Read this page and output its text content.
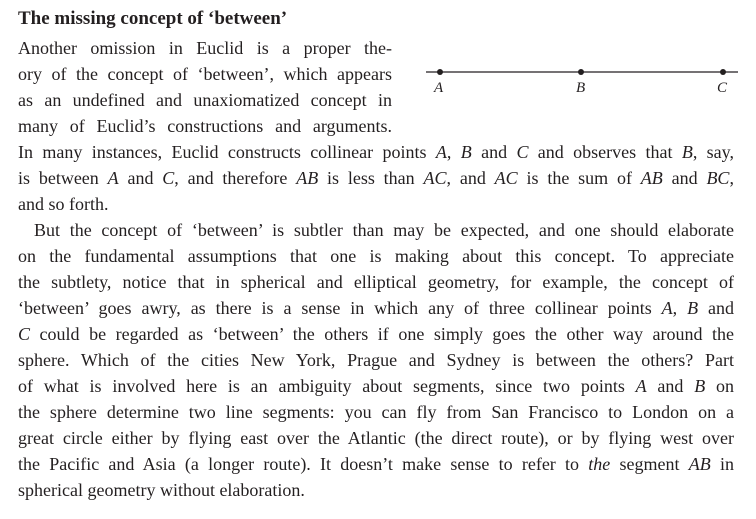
The missing concept of ‘between’
Another omission in Euclid is a proper the-
ory of the concept of ‘between’, which appears
as an undefined and unaxiomatized concept in
many of Euclid’s constructions and arguments.
In many instances, Euclid constructs collinear points A, B and C and observes that B, say,
is between A and C, and therefore AB is less than AC, and AC is the sum of AB and BC,
and so forth.
But the concept of ‘between’ is subtler than may be expected, and one should elaborate
on the fundamental assumptions that one is making about this concept. To appreciate
the subtlety, notice that in spherical and elliptical geometry, for example, the concept of
‘between’ goes awry, as there is a sense in which any of three collinear points A, B and
C could be regarded as ‘between’ the others if one simply goes the other way around the
sphere. Which of the cities New York, Prague and Sydney is between the others? Part
of what is involved here is an ambiguity about segments, since two points A and B on
the sphere determine two line segments: you can fly from San Francisco to London on a
great circle either by flying east over the Atlantic (the direct route), or by flying west over
the Pacific and Asia (a longer route). It doesn’t make sense to refer to the segment AB in
spherical geometry without elaboration.
A	B	C
